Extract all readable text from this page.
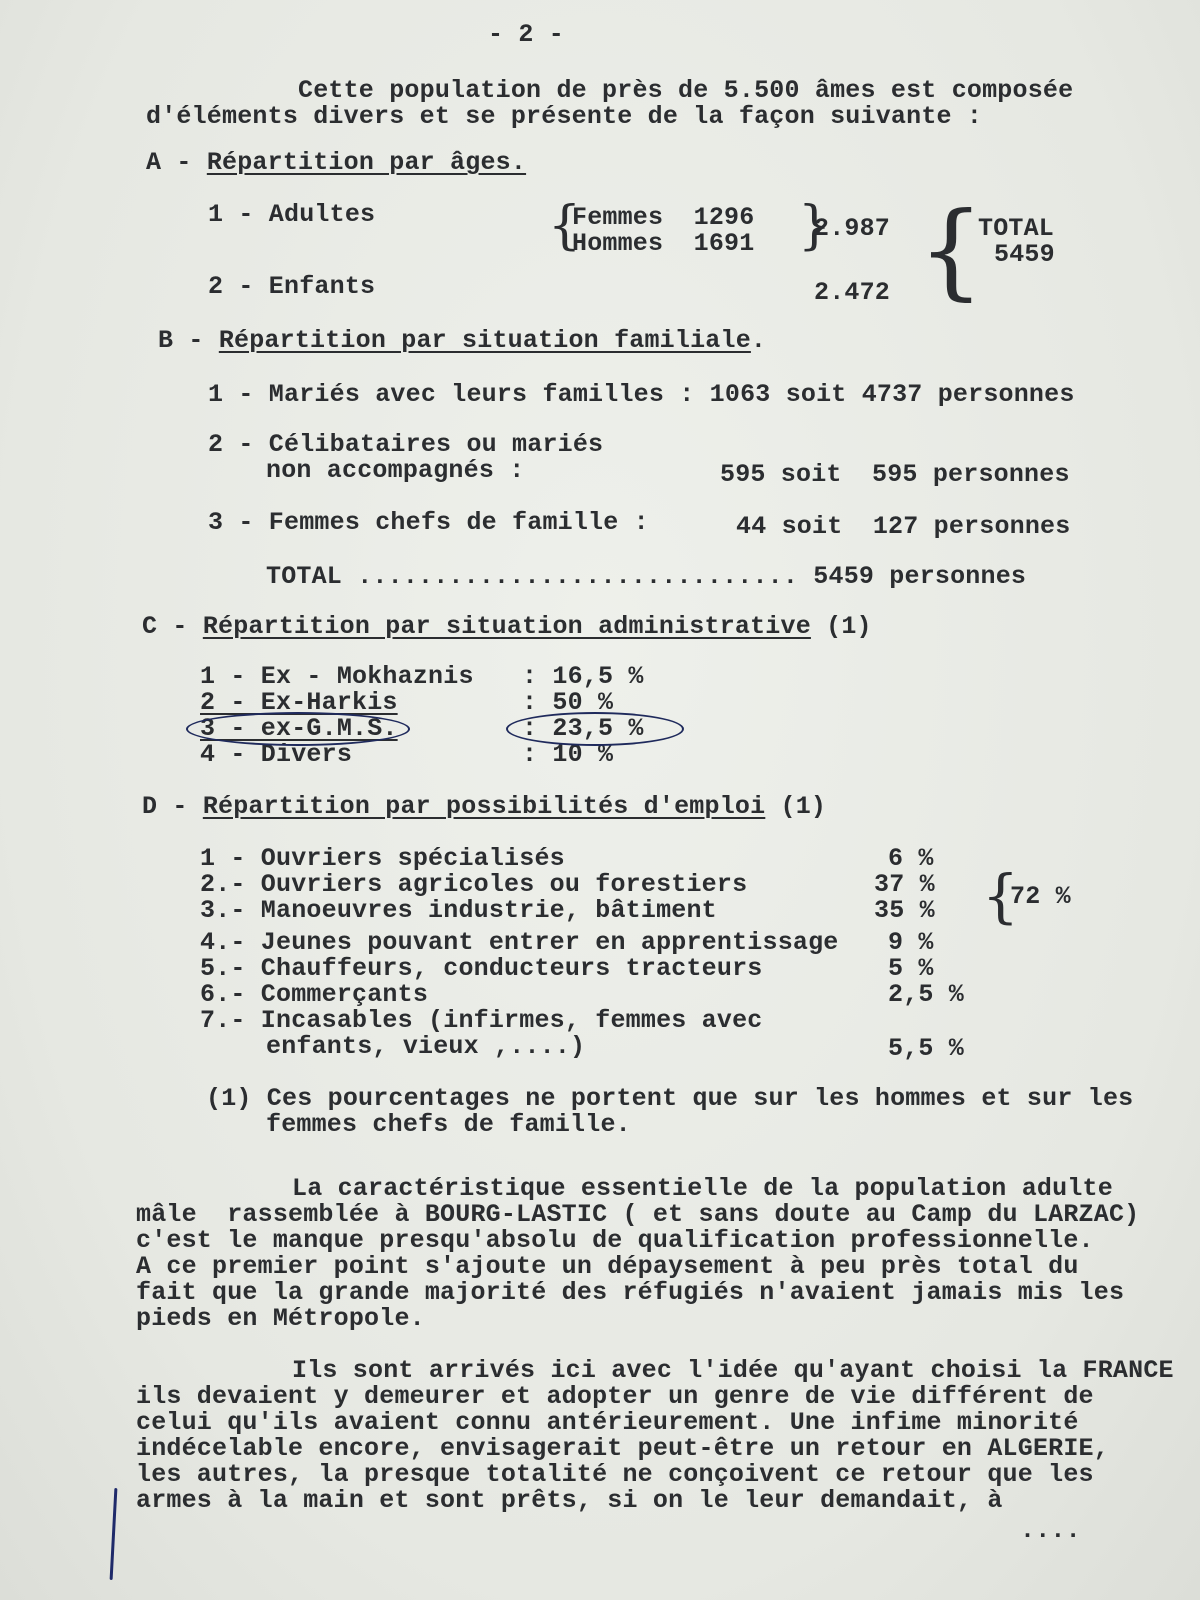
- 2 -
Cette population de près de 5.500 âmes est composée
d'éléments divers et se présente de la façon suivante :
A - Répartition par âges.
1 - Adultes	{
Femmes  1296
Hommes  1691 }
2.987
2 - Enfants	2.472 {
TOTAL
5459
B - Répartition par situation familiale.
1 - Mariés avec leurs familles : 1063 soit 4737 personnes
2 - Célibataires ou mariés
non accompagnés :	595 soit  595 personnes
3 - Femmes chefs de famille :	44 soit  127 personnes
TOTAL ............................. 5459 personnes
C - Répartition par situation administrative (1)
1 - Ex - Mokhaznis : 16,5 %
2 - Ex-Harkis	: 50 %
3 - ex-G.M.S.	: 23,5 %
4 - Divers	: 10 %
D - Répartition par possibilités d'emploi (1)
1 - Ouvriers spécialisés	6 %
2.- Ouvriers agricoles ou forestiers	37 %
3.- Manoeuvres industrie, bâtiment	35 % {
72 %
4.- Jeunes pouvant entrer en apprentissage 9 %
5.- Chauffeurs, conducteurs tracteurs	5 %
6.- Commerçants	2,5 %
7.- Incasables (infirmes, femmes avec
enfants, vieux ,....)	5,5 %
(1) Ces pourcentages ne portent que sur les hommes et sur les
femmes chefs de famille.
La caractéristique essentielle de la population adulte
mâle  rassemblée à BOURG-LASTIC ( et sans doute au Camp du LARZAC)
c'est le manque presqu'absolu de qualification professionnelle.
A ce premier point s'ajoute un dépaysement à peu près total du
fait que la grande majorité des réfugiés n'avaient jamais mis les
pieds en Métropole.
Ils sont arrivés ici avec l'idée qu'ayant choisi la FRANCE
ils devaient y demeurer et adopter un genre de vie différent de
celui qu'ils avaient connu antérieurement. Une infime minorité
indécelable encore, envisagerait peut-être un retour en ALGERIE,
les autres, la presque totalité ne conçoivent ce retour que les
armes à la main et sont prêts, si on le leur demandait, à
....
